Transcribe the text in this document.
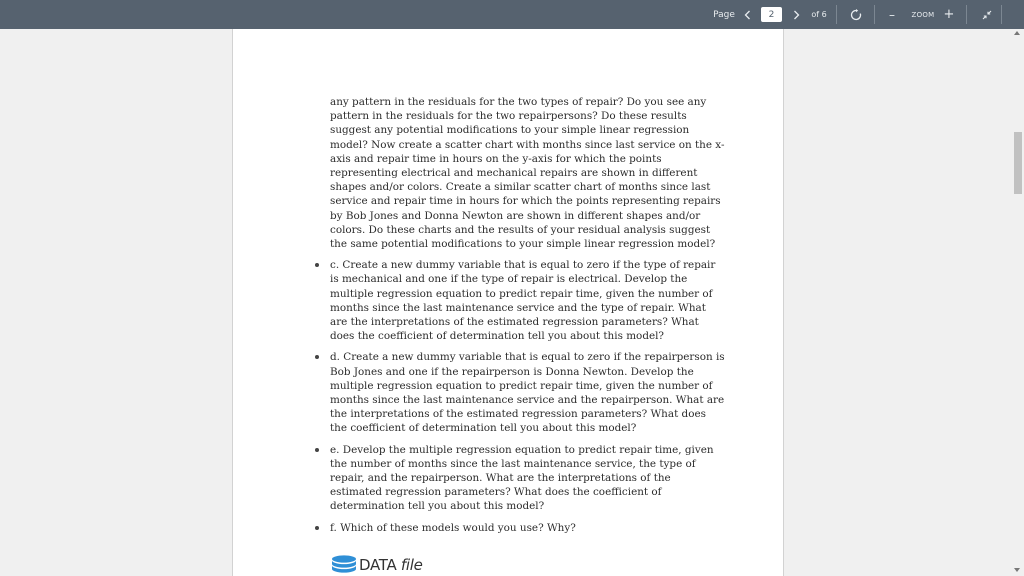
Page
2	of 6	–	ZOOM +

any pattern in the residuals for the two types of repair? Do you see any pattern in the residuals for the two repairpersons? Do these results suggest any potential modifications to your simple linear regression model? Now create a scatter chart with months since last service on the x-axis and repair time in hours on the y-axis for which the points representing electrical and mechanical repairs are shown in different shapes and/or colors. Create a similar scatter chart of months since last service and repair time in hours for which the points representing repairs by Bob Jones and Donna Newton are shown in different shapes and/or colors. Do these charts and the results of your residual analysis suggest the same potential modifications to your simple linear regression model?

c. Create a new dummy variable that is equal to zero if the type of repair is mechanical and one if the type of repair is electrical. Develop the multiple regression equation to predict repair time, given the number of months since the last maintenance service and the type of repair. What are the interpretations of the estimated regression parameters? What does the coefficient of determination tell you about this model?
d. Create a new dummy variable that is equal to zero if the repairperson is Bob Jones and one if the repairperson is Donna Newton. Develop the multiple regression equation to predict repair time, given the number of months since the last maintenance service and the repairperson. What are the interpretations of the estimated regression parameters? What does the coefficient of determination tell you about this model?
e. Develop the multiple regression equation to predict repair time, given the number of months since the last maintenance service, the type of repair, and the repairperson. What are the interpretations of the estimated regression parameters? What does the coefficient of determination tell you about this model?
f. Which of these models would you use? Why?
DATA file
